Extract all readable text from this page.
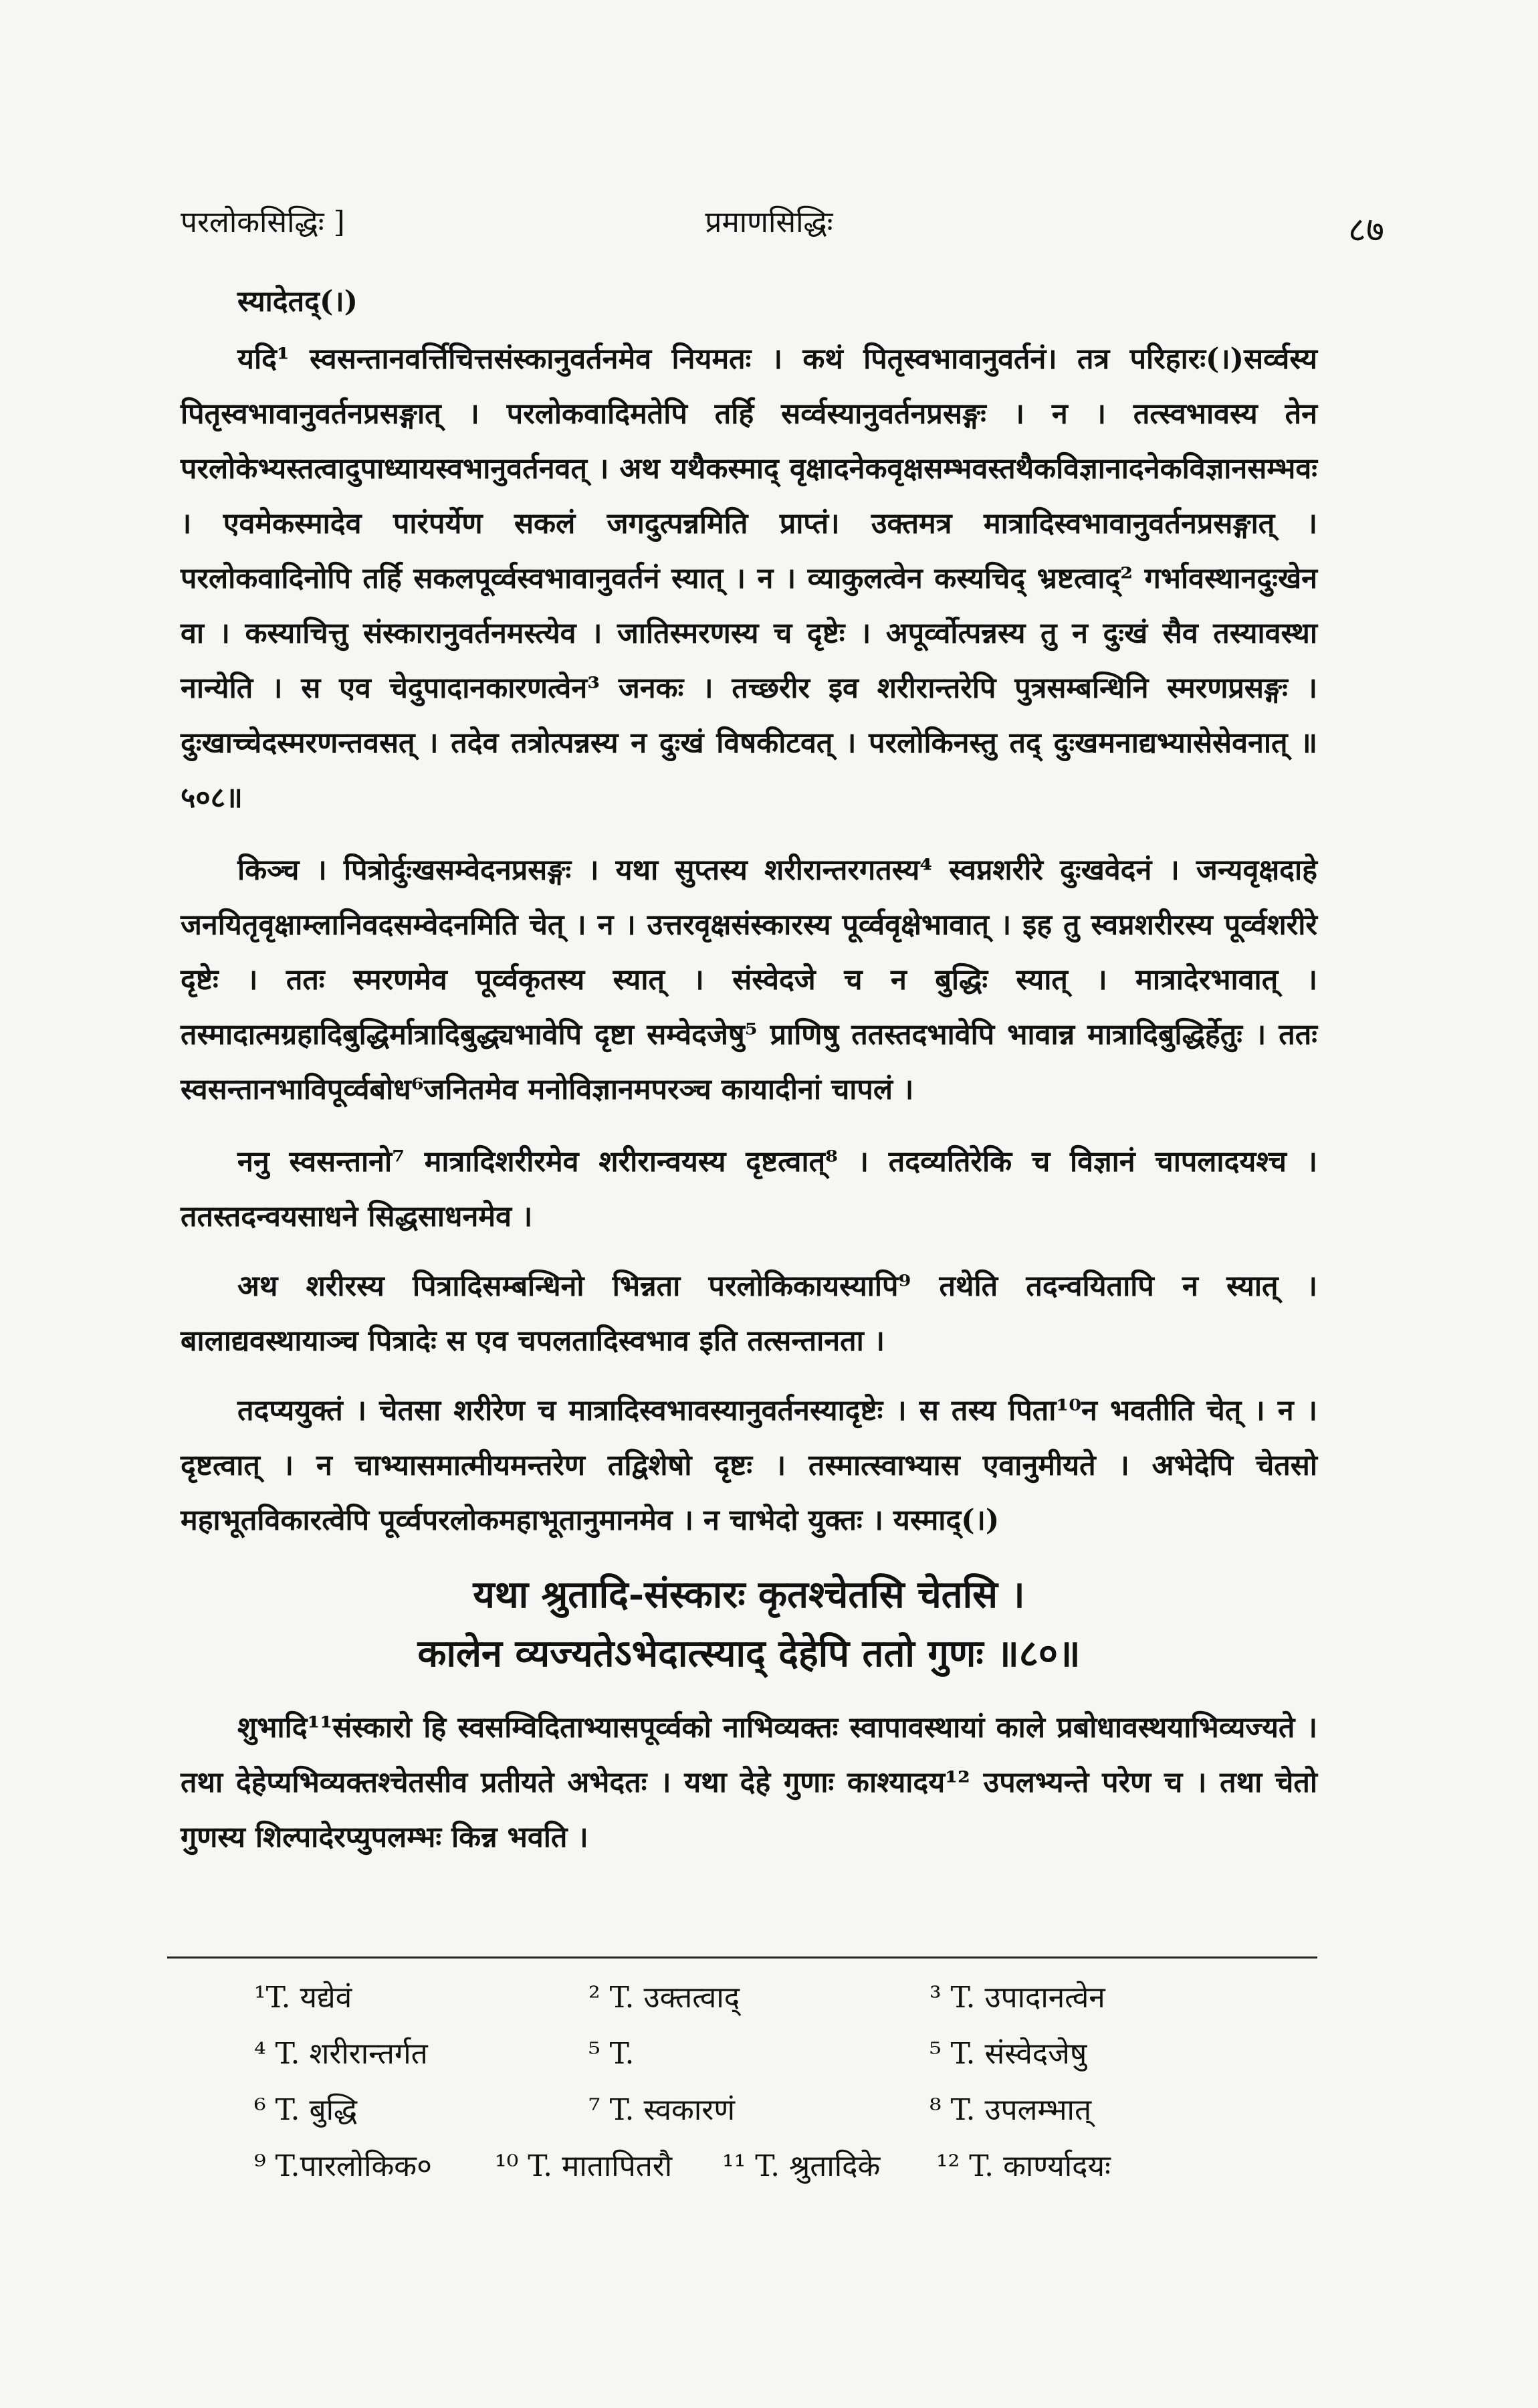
परलोकसिद्धिः ]	प्रमाणसिद्धिः	८७

स्यादेतद्(।)

यदि¹ स्वसन्तानवर्त्तिचित्तसंस्कानुवर्तनमेव नियमतः । कथं पितृस्वभावानुवर्तनं। तत्र परिहारः(।)सर्व्वस्य पितृस्वभावानुवर्तनप्रसङ्गात् । परलोकवादिमतेपि तर्हि सर्व्वस्यानुवर्तनप्रसङ्गः । न । तत्स्वभावस्य तेन परलोकेभ्यस्तत्वादुपाध्यायस्वभानुवर्तनवत् । अथ यथैकस्माद् वृक्षादनेकवृक्षसम्भवस्तथैकविज्ञानादनेकविज्ञानसम्भवः । एवमेकस्मादेव पारंपर्येण सकलं जगदुत्पन्नमिति प्राप्तं। उक्तमत्र मात्रादिस्वभावानुवर्तनप्रसङ्गात् । परलोकवादिनोपि तर्हि सकलपूर्व्वस्वभावानुवर्तनं स्यात् । न । व्याकुलत्वेन कस्यचिद् भ्रष्टत्वाद्² गर्भावस्थानदुःखेन वा । कस्याचित्तु संस्कारानुवर्तनमस्त्येव । जातिस्मरणस्य च दृष्टेः । अपूर्व्वोत्पन्नस्य तु न दुःखं सैव तस्यावस्था नान्येति । स एव चेदुपादानकारणत्वेन³ जनकः । तच्छरीर इव शरीरान्तरेपि पुत्रसम्बन्धिनि स्मरणप्रसङ्गः । दुःखाच्चेदस्मरणन्तवसत् । तदेव तत्रोत्पन्नस्य न दुःखं विषकीटवत् । परलोकिनस्तु तद् दुःखमनाद्यभ्यासेसेवनात् ॥५०८॥

किञ्च । पित्रोर्दुःखसम्वेदनप्रसङ्गः । यथा सुप्तस्य शरीरान्तरगतस्य⁴ स्वप्नशरीरे दुःखवेदनं । जन्यवृक्षदाहे जनयितृवृक्षाम्लानिवदसम्वेदनमिति चेत् । न । उत्तरवृक्षसंस्कारस्य पूर्व्ववृक्षेभावात् । इह तु स्वप्नशरीरस्य पूर्व्वशरीरे दृष्टेः । ततः स्मरणमेव पूर्व्वकृतस्य स्यात् । संस्वेदजे च न बुद्धिः स्यात् । मात्रादेरभावात् । तस्मादात्मग्रहादिबुद्धिर्मात्रादिबुद्ध्यभावेपि दृष्टा सम्वेदजेषु⁵ प्राणिषु ततस्तदभावेपि भावान्न मात्रादिबुद्धिर्हेतुः । ततः स्वसन्तानभाविपूर्व्वबोध⁶जनितमेव मनोविज्ञानमपरञ्च कायादीनां चापलं ।

ननु स्वसन्तानो⁷ मात्रादिशरीरमेव शरीरान्वयस्य दृष्टत्वात्⁸ । तदव्यतिरेकि च विज्ञानं चापलादयश्च । ततस्तदन्वयसाधने सिद्धसाधनमेव ।

अथ शरीरस्य पित्रादिसम्बन्धिनो भिन्नता परलोकिकायस्यापि⁹ तथेति तदन्वयितापि न स्यात् । बालाद्यवस्थायाञ्च पित्रादेः स एव चपलतादिस्वभाव इति तत्सन्तानता ।

तदप्ययुक्तं । चेतसा शरीरेण च मात्रादिस्वभावस्यानुवर्तनस्यादृष्टेः । स तस्य पिता¹⁰न भवतीति चेत् । न । दृष्टत्वात् । न चाभ्यासमात्मीयमन्तरेण तद्विशेषो दृष्टः । तस्मात्स्वाभ्यास एवानुमीयते । अभेदेपि चेतसो महाभूतविकारत्वेपि पूर्व्वपरलोकमहाभूतानुमानमेव । न चाभेदो युक्तः । यस्माद्(।)

यथा श्रुतादि-संस्कारः कृतश्चेतसि चेतसि ।
कालेन व्यज्यतेऽभेदात्स्याद् देहेपि ततो गुणः ॥८०॥

शुभादि¹¹संस्कारो हि स्वसम्विदिताभ्यासपूर्व्वको नाभिव्यक्तः स्वापावस्थायां काले प्रबोधावस्थयाभिव्यज्यते । तथा देहेप्यभिव्यक्तश्चेतसीव प्रतीयते अभेदतः । यथा देहे गुणाः काश्यादय¹² उपलभ्यन्ते परेण च । तथा चेतो गुणस्य शिल्पादेरप्युपलम्भः किन्न भवति ।

¹T. यद्येवं	² T. उक्तत्वाद्	³ T. उपादानत्वेन
⁴ T. शरीरान्तर्गत	⁵ T.	⁵ T. संस्वेदजेषु
⁶ T. बुद्धि	⁷ T. स्वकारणं	⁸ T. उपलम्भात्
⁹ T.पारलोकिक०	¹⁰ T. मातापितरौ	¹¹ T. श्रुतादिके	¹² T. कार्ण्यादयः
